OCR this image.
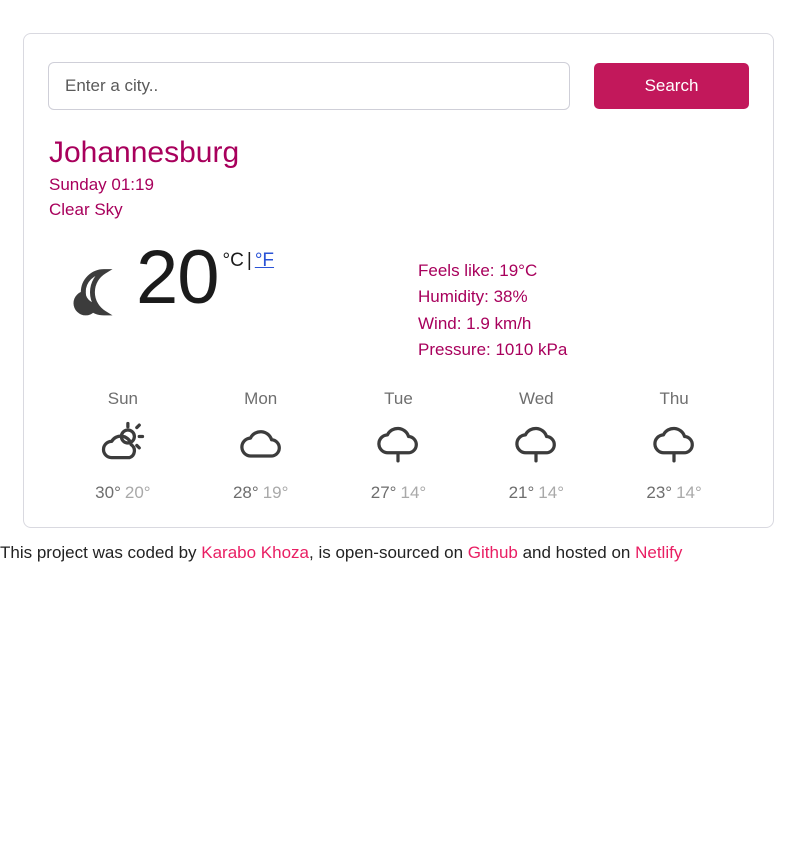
Enter a city..
Search
Johannesburg
Sunday 01:19
Clear Sky
20 °C | °F	Feels like: 19°C
Humidity: 38%
Wind: 1.9 km/h
Pressure: 1010 kPa
Sun
30° 20°
Mon
28° 19°
Tue
27° 14°
Wed
21° 14°
Thu
23° 14°
This project was coded by Karabo Khoza, is open-sourced on Github and hosted on Netlify
